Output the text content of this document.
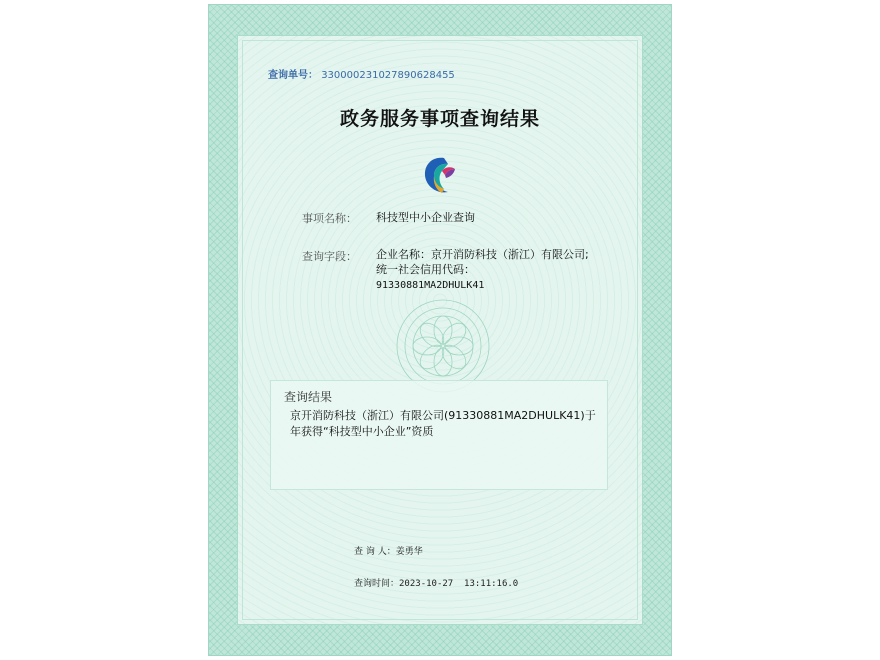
查询单号： 330000231027890628455
政务服务事项查询结果
事项名称： 科技型中小企业查询
查询字段： 企业名称：京开消防科技（浙江）有限公司;统一社会信用代码：
91330881MA2DHULK41
查询结果
京开消防科技（浙江）有限公司(91330881MA2DHULK41)于年获得“科技型中小企业”资质
查 询 人：姜勇华
查询时间：2023-10-27  13:11:16.0
